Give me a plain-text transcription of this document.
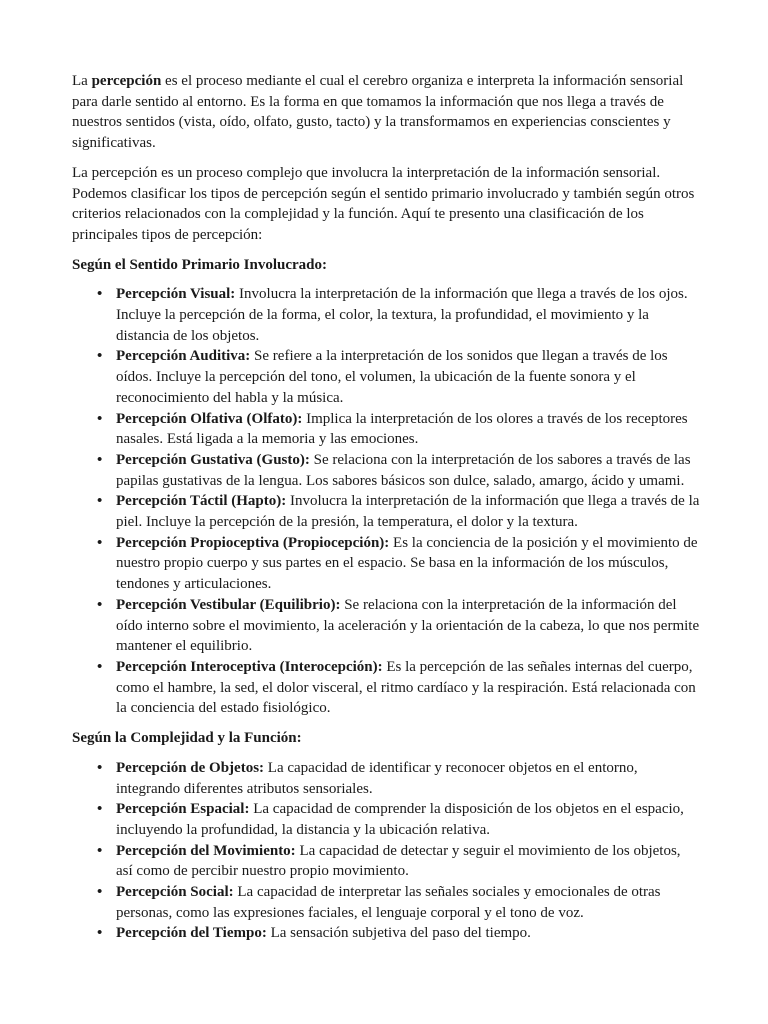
La percepción es el proceso mediante el cual el cerebro organiza e interpreta la información sensorial para darle sentido al entorno. Es la forma en que tomamos la información que nos llega a través de nuestros sentidos (vista, oído, olfato, gusto, tacto) y la transformamos en experiencias conscientes y significativas.

La percepción es un proceso complejo que involucra la interpretación de la información sensorial. Podemos clasificar los tipos de percepción según el sentido primario involucrado y también según otros criterios relacionados con la complejidad y la función. Aquí te presento una clasificación de los principales tipos de percepción:

Según el Sentido Primario Involucrado:
• Percepción Visual: Involucra la interpretación de la información que llega a través de los ojos. Incluye la percepción de la forma, el color, la textura, la profundidad, el movimiento y la distancia de los objetos.
• Percepción Auditiva: Se refiere a la interpretación de los sonidos que llegan a través de los oídos. Incluye la percepción del tono, el volumen, la ubicación de la fuente sonora y el reconocimiento del habla y la música.
• Percepción Olfativa (Olfato): Implica la interpretación de los olores a través de los receptores nasales. Está ligada a la memoria y las emociones.
• Percepción Gustativa (Gusto): Se relaciona con la interpretación de los sabores a través de las papilas gustativas de la lengua. Los sabores básicos son dulce, salado, amargo, ácido y umami.
• Percepción Táctil (Hapto): Involucra la interpretación de la información que llega a través de la piel. Incluye la percepción de la presión, la temperatura, el dolor y la textura.
• Percepción Propioceptiva (Propiocepción): Es la conciencia de la posición y el movimiento de nuestro propio cuerpo y sus partes en el espacio. Se basa en la información de los músculos, tendones y articulaciones.
• Percepción Vestibular (Equilibrio): Se relaciona con la interpretación de la información del oído interno sobre el movimiento, la aceleración y la orientación de la cabeza, lo que nos permite mantener el equilibrio.
• Percepción Interoceptiva (Interocepción): Es la percepción de las señales internas del cuerpo, como el hambre, la sed, el dolor visceral, el ritmo cardíaco y la respiración. Está relacionada con la conciencia del estado fisiológico.
Según la Complejidad y la Función:
• Percepción de Objetos: La capacidad de identificar y reconocer objetos en el entorno, integrando diferentes atributos sensoriales.
• Percepción Espacial: La capacidad de comprender la disposición de los objetos en el espacio, incluyendo la profundidad, la distancia y la ubicación relativa.
• Percepción del Movimiento: La capacidad de detectar y seguir el movimiento de los objetos, así como de percibir nuestro propio movimiento.
• Percepción Social: La capacidad de interpretar las señales sociales y emocionales de otras personas, como las expresiones faciales, el lenguaje corporal y el tono de voz.
• Percepción del Tiempo: La sensación subjetiva del paso del tiempo.
